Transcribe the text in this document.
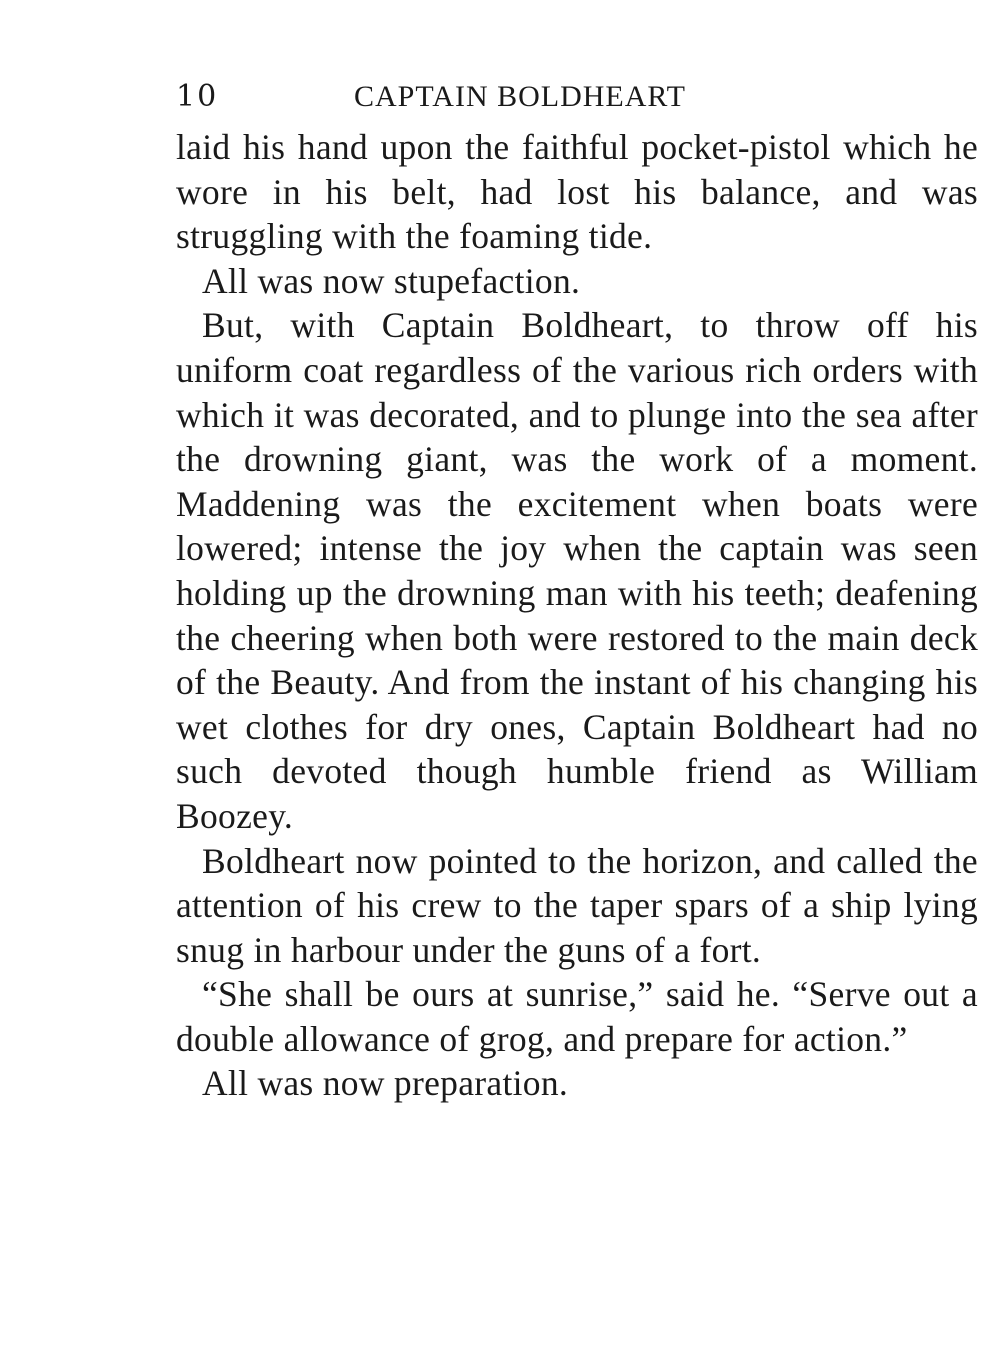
10	CAPTAIN BOLDHEART

laid his hand upon the faithful pocket-pistol which he wore in his belt, had lost his balance, and was struggling with the foaming tide.

All was now stupefaction.

But, with Captain Boldheart, to throw off his uniform coat regardless of the various rich orders with which it was decorated, and to plunge into the sea after the drowning giant, was the work of a moment. Maddening was the excitement when boats were lowered; intense the joy when the captain was seen holding up the drowning man with his teeth; deafening the cheering when both were restored to the main deck of the Beauty. And from the instant of his changing his wet clothes for dry ones, Captain Boldheart had no such devoted though humble friend as William Boozey.

Boldheart now pointed to the horizon, and called the attention of his crew to the taper spars of a ship lying snug in harbour under the guns of a fort.

“She shall be ours at sunrise,” said he. “Serve out a double allowance of grog, and prepare for action.”

All was now preparation.
